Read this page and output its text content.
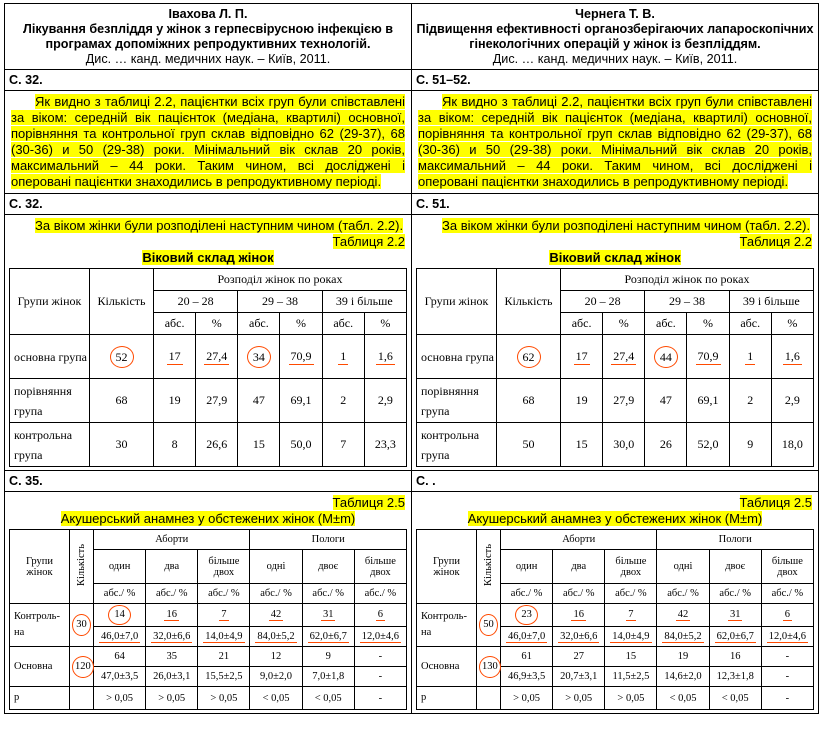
Івахова Л. П.
Лікування безпліддя у жінок з герпесвірусною інфекцією в програмах допоміжних репродуктивних технологій.
Дис. … канд. медичних наук. – Київ, 2011.

Чернега Т. В.
Підвищення ефективності органозберігаючих лапароскопічних гінекологічних операцій у жінок із безпліддям.
Дис. … канд. медичних наук. – Київ, 2011.

С. 32.	С. 51–52.
Як видно з таблиці 2.2, пацієнтки всіх груп були співставлені за віком: середній вік пацієнток (медіана, квартилі) основної, порівняння та контрольної груп склав відповідно 62 (29-37), 68 (30-36) и 50 (29-38) роки. Мінімальний вік склав 20 років, максимальний – 44 роки. Таким чином, всі досліджені і оперовані пацієнтки знаходились в репродуктивному періоді.	Як видно з таблиці 2.2, пацієнтки всіх груп були співставлені за віком: середній вік пацієнток (медіана, квартилі) основної, порівняння та контрольної груп склав відповідно 62 (29-37), 68 (30-36) и 50 (29-38) роки. Мінімальний вік склав 20 років, максимальний – 44 роки. Таким чином, всі досліджені і оперовані пацієнтки знаходились в репродуктивному періоді.
С. 32.	С. 51.

За віком жінки були розподілені наступним чином (табл. 2.2).
Таблиця 2.2
Віковий склад жінок
Групи жінок	Кількість	Розподіл жінок по роках
20 – 28	29 – 38	39 і більше
абс.	%	абс.	%	абс.	%
основна група	52	17	27,4	34	70,9	1	1,6
порівняння група	68	19	27,9	47	69,1	2	2,9
контрольна група	30	8	26,6	15	50,0	7	23,3

За віком жінки були розподілені наступним чином (табл. 2.2).
Таблиця 2.2
Віковий склад жінок
Групи жінок	Кількість	Розподіл жінок по роках
20 – 28	29 – 38	39 і більше
абс.	%	абс.	%	абс.	%
основна група	62	17	27,4	44	70,9	1	1,6
порівняння група	68	19	27,9	47	69,1	2	2,9
контрольна група	50	15	30,0	26	52,0	9	18,0

С. 35.	С. .

Таблиця 2.5
Акушерський анамнез у обстежених жінок (M±m)
Групи жінок	Кількість	Аборти	Пологи
один	два	більше двох	одні	двоє	більше двох
абс./ %	абс./ %	абс./ %	абс./ %	абс./ %	абс./ %
Контроль-на	30	14	16	7	42	31	6
46,0±7,0	32,0±6,6	14,0±4,9	84,0±5,2	62,0±6,7	12,0±4,6
Основна	120	64	35	21	12	9	-
47,0±3,5	26,0±3,1	15,5±2,5	9,0±2,0	7,0±1,8	-
p		> 0,05	> 0,05	> 0,05	< 0,05	< 0,05	-

Таблиця 2.5
Акушерський анамнез у обстежених жінок (M±m)
Групи жінок	Кількість	Аборти	Пологи
один	два	більше двох	одні	двоє	більше двох
абс./ %	абс./ %	абс./ %	абс./ %	абс./ %	абс./ %
Контроль-на	50	23	16	7	42	31	6
46,0±7,0	32,0±6,6	14,0±4,9	84,0±5,2	62,0±6,7	12,0±4,6
Основна	130	61	27	15	19	16	-
46,9±3,5	20,7±3,1	11,5±2,5	14,6±2,0	12,3±1,8	-
p		> 0,05	> 0,05	> 0,05	< 0,05	< 0,05	-
